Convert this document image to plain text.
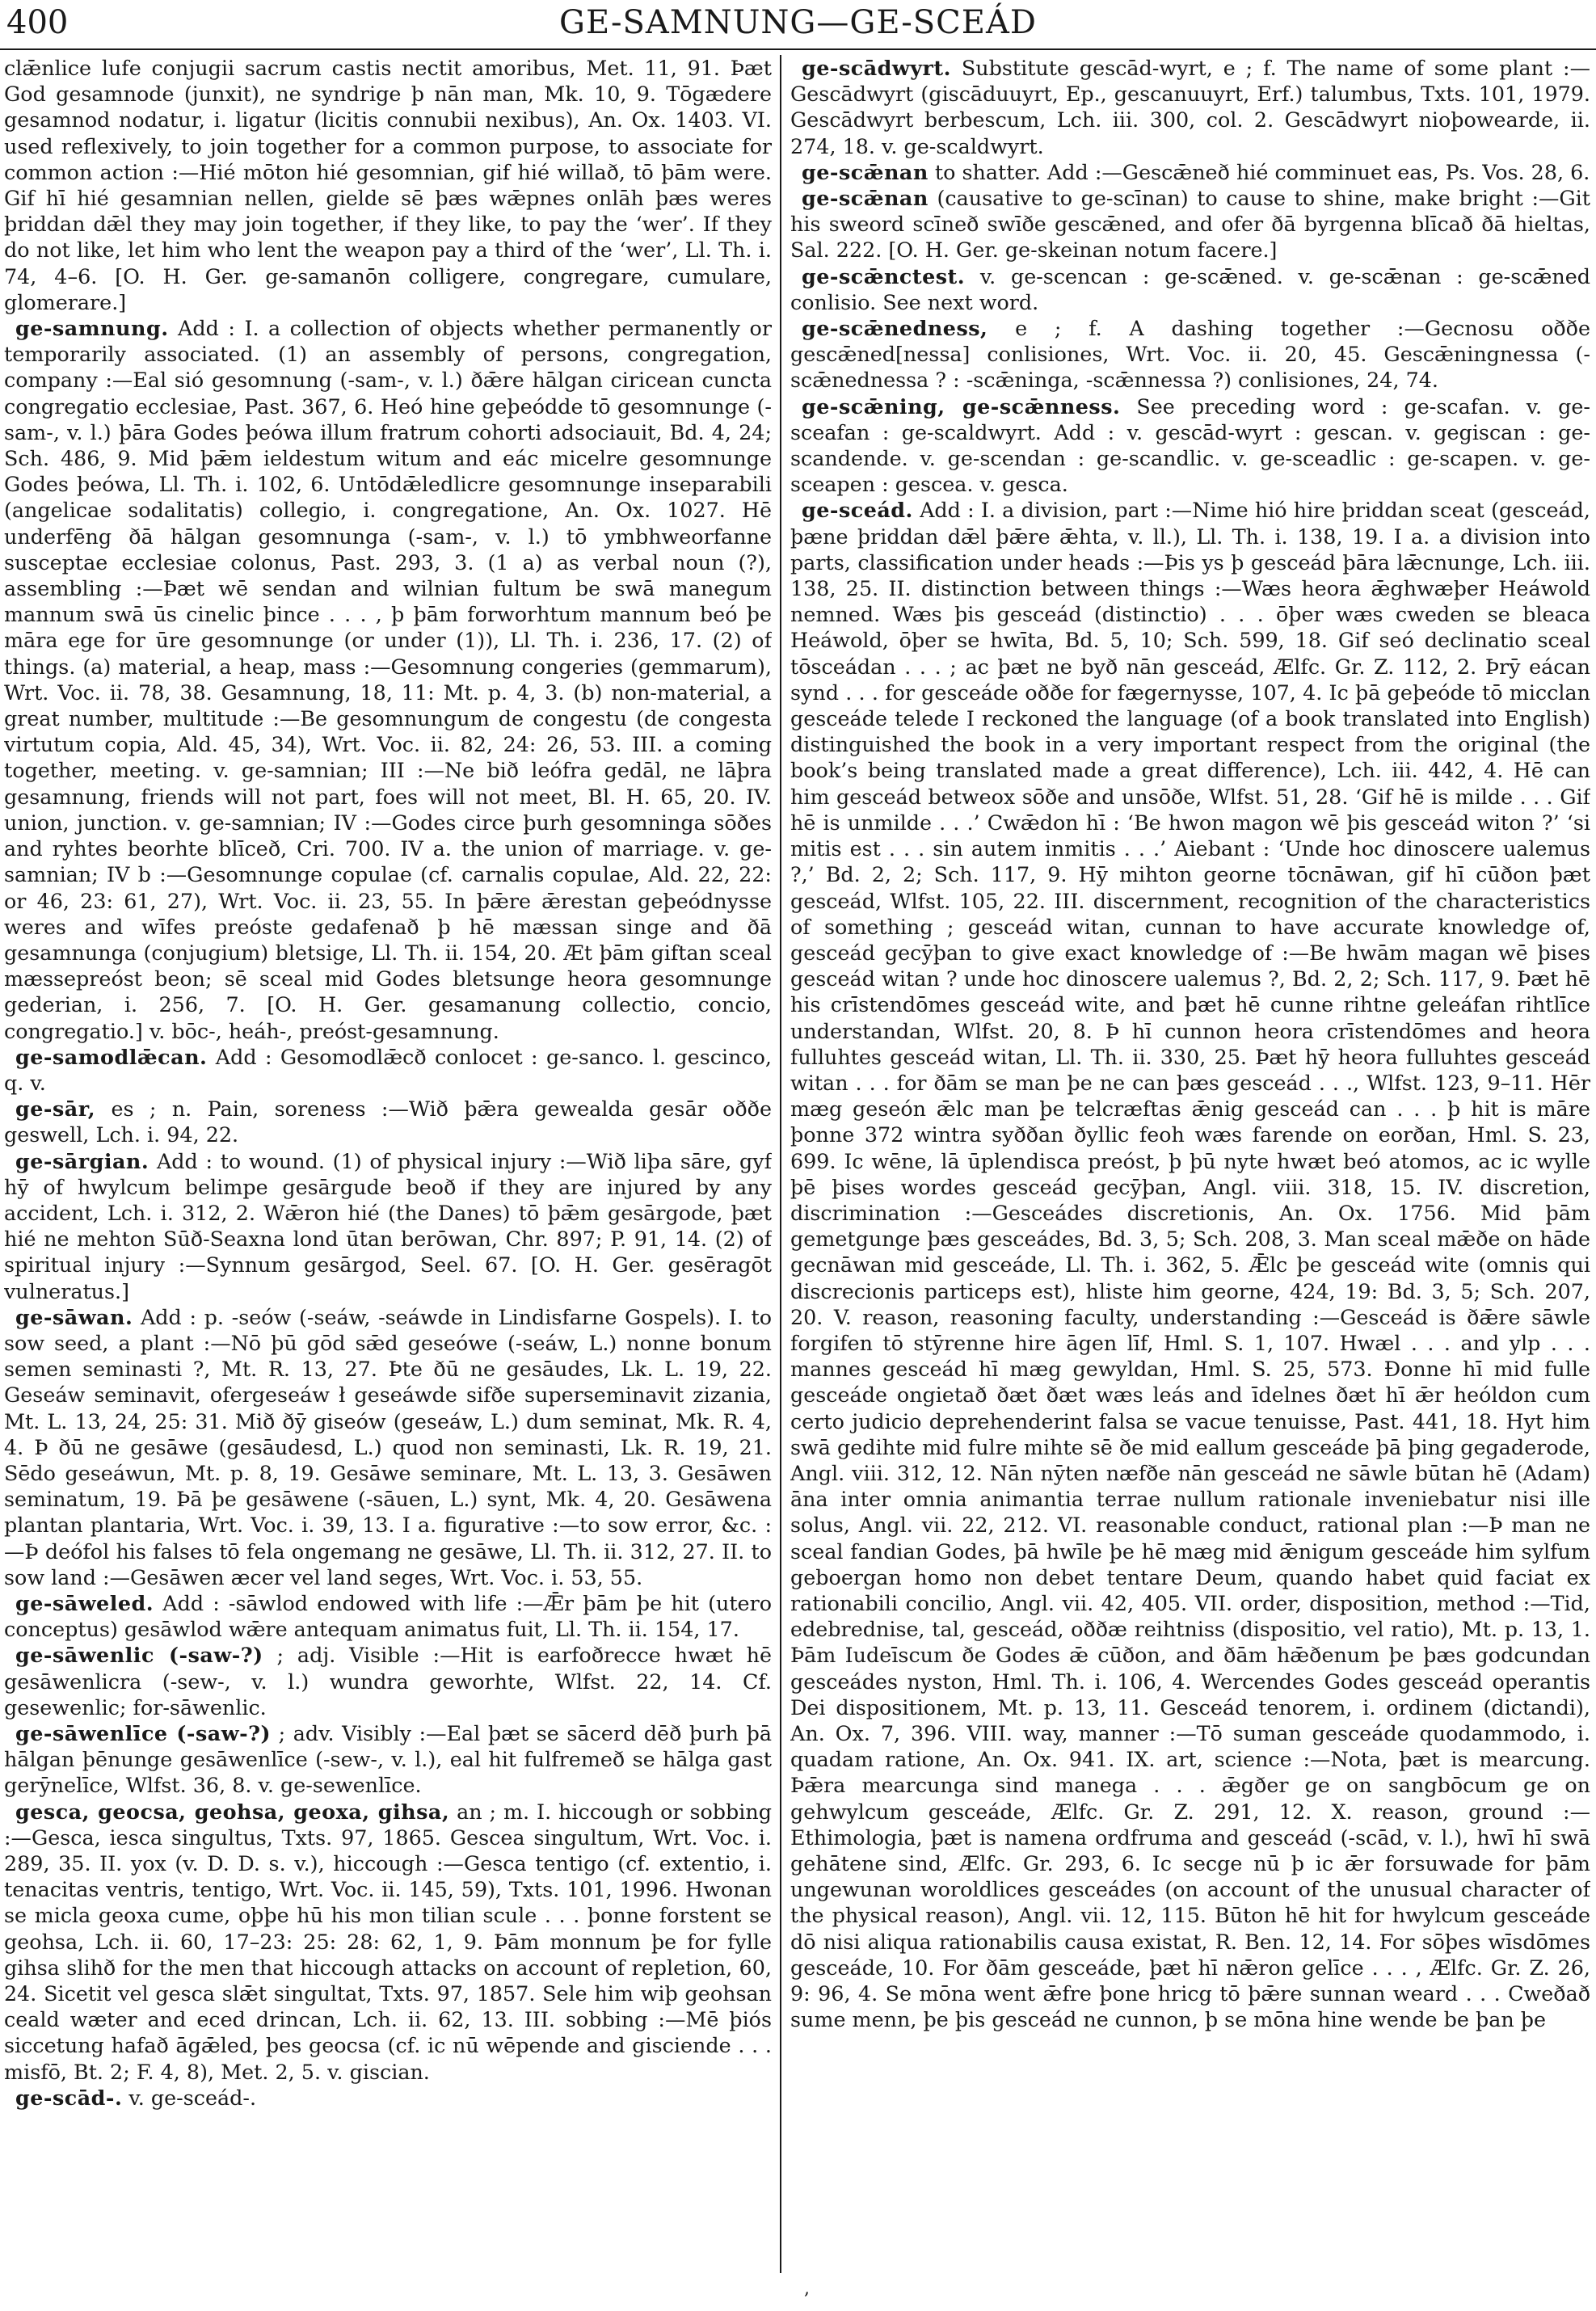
400	GE-SAMNUNG—GE-SCEÁD

clǣnlice lufe conjugii sacrum castis nectit amoribus, Met. 11, 91. Þæt God gesamnode (junxit), ne syndrige þ nān man, Mk. 10, 9. Tōgædere gesamnod nodatur, i. ligatur (licitis connubii nexibus), An. Ox. 1403. VI. used reflexively, to join together for a common purpose, to associate for common action :—Hié mōton hié gesomnian, gif hié willað, tō þām were. Gif hī hié gesamnian nellen, gielde sē þæs wǣpnes onlāh þæs weres þriddan dǣl they may join together, if they like, to pay the ‘wer’. If they do not like, let him who lent the weapon pay a third of the ‘wer’, Ll. Th. i. 74, 4–6. [O. H. Ger. ge-samanōn colligere, congregare, cumulare, glomerare.]

ge-samnung. Add : I. a collection of objects whether permanently or temporarily associated. (1) an assembly of persons, congregation, company :—Eal sió gesomnung (-sam-, v. l.) ðǣre hālgan ciricean cuncta congregatio ecclesiae, Past. 367, 6. Heó hine geþeódde tō gesomnunge (-sam-, v. l.) þāra Godes þeówa illum fratrum cohorti adsociauit, Bd. 4, 24; Sch. 486, 9. Mid þǣm ieldestum witum and eác micelre gesomnunge Godes þeówa, Ll. Th. i. 102, 6. Untōdǣledlicre gesomnunge inseparabili (angelicae sodalitatis) collegio, i. congregatione, An. Ox. 1027. Hē underfēng ðā hālgan gesomnunga (-sam-, v. l.) tō ymbhweorfanne susceptae ecclesiae colonus, Past. 293, 3. (1 a) as verbal noun (?), assembling :—Þæt wē sendan and wilnian fultum be swā manegum mannum swā ūs cinelic þince . . . , þ þām forworhtum mannum beó þe māra ege for ūre gesomnunge (or under (1)), Ll. Th. i. 236, 17. (2) of things. (a) material, a heap, mass :—Gesomnung congeries (gemmarum), Wrt. Voc. ii. 78, 38. Gesamnung, 18, 11: Mt. p. 4, 3. (b) non-material, a great number, multitude :—Be gesomnungum de congestu (de congesta virtutum copia, Ald. 45, 34), Wrt. Voc. ii. 82, 24: 26, 53. III. a coming together, meeting. v. ge-samnian; III :—Ne bið leófra gedāl, ne lāþra gesamnung, friends will not part, foes will not meet, Bl. H. 65, 20. IV. union, junction. v. ge-samnian; IV :—Godes circe þurh gesomninga sōðes and ryhtes beorhte blīceð, Cri. 700. IV a. the union of marriage. v. ge-samnian; IV b :—Gesomnunge copulae (cf. carnalis copulae, Ald. 22, 22: or 46, 23: 61, 27), Wrt. Voc. ii. 23, 55. In þǣre ǣrestan geþeódnysse weres and wīfes preóste gedafenað þ hē mæssan singe and ðā gesamnunga (conjugium) bletsige, Ll. Th. ii. 154, 20. Æt þām giftan sceal mæssepreóst beon; sē sceal mid Godes bletsunge heora gesomnunge gederian, i. 256, 7. [O. H. Ger. gesamanung collectio, concio, congregatio.] v. bōc-, heáh-, preóst-gesamnung.

ge-samodlǣcan. Add : Gesomodlǣcð conlocet : ge-sanco. l. gescinco, q. v.

ge-sār, es ; n. Pain, soreness :—Wið þǣra gewealda gesār oððe geswell, Lch. i. 94, 22.

ge-sārgian. Add : to wound. (1) of physical injury :—Wið liþa sāre, gyf hȳ of hwylcum belimpe gesārgude beoð if they are injured by any accident, Lch. i. 312, 2. Wǣron hié (the Danes) tō þǣm gesārgode, þæt hié ne mehton Sūð-Seaxna lond ūtan berōwan, Chr. 897; P. 91, 14. (2) of spiritual injury :—Synnum gesārgod, Seel. 67. [O. H. Ger. gesēragōt vulneratus.]

ge-sāwan. Add : p. -seów (-seáw, -seáwde in Lindisfarne Gospels). I. to sow seed, a plant :—Nō þū gōd sǣd geseówe (-seáw, L.) nonne bonum semen seminasti ?, Mt. R. 13, 27. Þte ðū ne gesāudes, Lk. L. 19, 22. Geseáw seminavit, ofergeseáw ł geseáwde sifðe superseminavit zizania, Mt. L. 13, 24, 25: 31. Mið ðȳ giseów (geseáw, L.) dum seminat, Mk. R. 4, 4. Þ ðū ne gesāwe (gesāudesd, L.) quod non seminasti, Lk. R. 19, 21. Sēdo geseáwun, Mt. p. 8, 19. Gesāwe seminare, Mt. L. 13, 3. Gesāwen seminatum, 19. Þā þe gesāwene (-sāuen, L.) synt, Mk. 4, 20. Gesāwena plantan plantaria, Wrt. Voc. i. 39, 13. I a. figurative :—to sow error, &c. :—Þ deófol his falses tō fela ongemang ne gesāwe, Ll. Th. ii. 312, 27. II. to sow land :—Gesāwen æcer vel land seges, Wrt. Voc. i. 53, 55.

ge-sāweled. Add : -sāwlod endowed with life :—Ǣr þām þe hit (utero conceptus) gesāwlod wǣre antequam animatus fuit, Ll. Th. ii. 154, 17.

ge-sāwenlic (-saw-?) ; adj. Visible :—Hit is earfoðrecce hwæt hē gesāwenlicra (-sew-, v. l.) wundra geworhte, Wlfst. 22, 14. Cf. gesewenlic; for-sāwenlic.

ge-sāwenlīce (-saw-?) ; adv. Visibly :—Eal þæt se sācerd dēð þurh þā hālgan þēnunge gesāwenlīce (-sew-, v. l.), eal hit fulfremeð se hālga gast gerȳnelīce, Wlfst. 36, 8. v. ge-sewenlīce.

gesca, geocsa, geohsa, geoxa, gihsa, an ; m. I. hiccough or sobbing :—Gesca, iesca singultus, Txts. 97, 1865. Gescea singultum, Wrt. Voc. i. 289, 35. II. yox (v. D. D. s. v.), hiccough :—Gesca tentigo (cf. extentio, i. tenacitas ventris, tentigo, Wrt. Voc. ii. 145, 59), Txts. 101, 1996. Hwonan se micla geoxa cume, oþþe hū his mon tilian scule . . . þonne forstent se geohsa, Lch. ii. 60, 17–23: 25: 28: 62, 1, 9. Þām monnum þe for fylle gihsa slihð for the men that hiccough attacks on account of repletion, 60, 24. Sicetit vel gesca slǣt singultat, Txts. 97, 1857. Sele him wiþ geohsan ceald wæter and eced drincan, Lch. ii. 62, 13. III. sobbing :—Mē þiós siccetung hafað āgǣled, þes geocsa (cf. ic nū wēpende and gisciende . . . misfō, Bt. 2; F. 4, 8), Met. 2, 5. v. giscian.

ge-scād-. v. ge-sceád-.

ge-scādwyrt. Substitute gescād-wyrt, e ; f. The name of some plant :—Gescādwyrt (giscāduuyrt, Ep., gescanuuyrt, Erf.) talumbus, Txts. 101, 1979. Gescādwyrt berbescum, Lch. iii. 300, col. 2. Gescādwyrt nioþowearde, ii. 274, 18. v. ge-scaldwyrt.

ge-scǣnan to shatter. Add :—Gescǣneð hié comminuet eas, Ps. Vos. 28, 6.

ge-scǣnan (causative to ge-scīnan) to cause to shine, make bright :—Git his sweord scīneð swīðe gescǣned, and ofer ðā byrgenna blīcað ðā hieltas, Sal. 222. [O. H. Ger. ge-skeinan notum facere.]

ge-scǣnctest. v. ge-scencan : ge-scǣned. v. ge-scǣnan : ge-scǣned conlisio. See next word.

ge-scǣnedness, e ; f. A dashing together :—Gecnosu oððe gescǣned[nessa] conlisiones, Wrt. Voc. ii. 20, 45. Gescǣningnessa (-scǣnednessa ? : -scǣninga, -scǣnnessa ?) conlisiones, 24, 74.

ge-scǣning, ge-scǣnness. See preceding word : ge-scafan. v. ge-sceafan : ge-scaldwyrt. Add : v. gescād-wyrt : gescan. v. gegiscan : ge-scandende. v. ge-scendan : ge-scandlic. v. ge-sceadlic : ge-scapen. v. ge-sceapen : gescea. v. gesca.

ge-sceád. Add : I. a division, part :—Nime hió hire þriddan sceat (gesceád, þæne þriddan dǣl þǣre ǣhta, v. ll.), Ll. Th. i. 138, 19. I a. a division into parts, classification under heads :—Þis ys þ gesceád þāra lǣcnunge, Lch. iii. 138, 25. II. distinction between things :—Wæs heora ǣghwæþer Heáwold nemned. Wæs þis gesceád (distinctio) . . . ōþer wæs cweden se bleaca Heáwold, ōþer se hwīta, Bd. 5, 10; Sch. 599, 18. Gif seó declinatio sceal tōsceádan . . . ; ac þæt ne byð nān gesceád, Ælfc. Gr. Z. 112, 2. Þrȳ eácan synd . . . for gesceáde oððe for fægernysse, 107, 4. Ic þā geþeóde tō micclan gesceáde telede I reckoned the language (of a book translated into English) distinguished the book in a very important respect from the original (the book’s being translated made a great difference), Lch. iii. 442, 4. Hē can him gesceád betweox sōðe and unsōðe, Wlfst. 51, 28. ‘Gif hē is milde . . . Gif hē is unmilde . . .’ Cwǣdon hī : ‘Be hwon magon wē þis gesceád witon ?’ ‘si mitis est . . . sin autem inmitis . . .’ Aiebant : ‘Unde hoc dinoscere ualemus ?,’ Bd. 2, 2; Sch. 117, 9. Hȳ mihton georne tōcnāwan, gif hī cūðon þæt gesceád, Wlfst. 105, 22. III. discernment, recognition of the characteristics of something ; gesceád witan, cunnan to have accurate knowledge of, gesceád gecȳþan to give exact knowledge of :—Be hwām magan wē þises gesceád witan ? unde hoc dinoscere ualemus ?, Bd. 2, 2; Sch. 117, 9. Þæt hē his crīstendōmes gesceád wite, and þæt hē cunne rihtne geleáfan rihtlīce understandan, Wlfst. 20, 8. Þ hī cunnon heora crīstendōmes and heora fulluhtes gesceád witan, Ll. Th. ii. 330, 25. Þæt hȳ heora fulluhtes gesceád witan . . . for ðām se man þe ne can þæs gesceád . . ., Wlfst. 123, 9–11. Hēr mæg geseón ǣlc man þe telcræftas ǣnig gesceád can . . . þ hit is māre þonne 372 wintra syððan ðyllic feoh wæs farende on eorðan, Hml. S. 23, 699. Ic wēne, lā ūplendisca preóst, þ þū nyte hwæt beó atomos, ac ic wylle þē þises wordes gesceád gecȳþan, Angl. viii. 318, 15. IV. discretion, discrimination :—Gesceádes discretionis, An. Ox. 1756. Mid þām gemetgunge þæs gesceádes, Bd. 3, 5; Sch. 208, 3. Man sceal mǣðe on hāde gecnāwan mid gesceáde, Ll. Th. i. 362, 5. Ǣlc þe gesceád wite (omnis qui discrecionis particeps est), hliste him georne, 424, 19: Bd. 3, 5; Sch. 207, 20. V. reason, reasoning faculty, understanding :—Gesceád is ðǣre sāwle forgifen tō stȳrenne hire āgen līf, Hml. S. 1, 107. Hwæl . . . and ylp . . . mannes gesceád hī mæg gewyldan, Hml. S. 25, 573. Đonne hī mid fulle gesceáde ongietað ðæt ðæt wæs leás and īdelnes ðæt hī ǣr heóldon cum certo judicio deprehenderint falsa se vacue tenuisse, Past. 441, 18. Hyt him swā gedihte mid fulre mihte sē ðe mid eallum gesceáde þā þing gegaderode, Angl. viii. 312, 12. Nān nȳten næfðe nān gesceád ne sāwle būtan hē (Adam) āna inter omnia animantia terrae nullum rationale inveniebatur nisi ille solus, Angl. vii. 22, 212. VI. reasonable conduct, rational plan :—Þ man ne sceal fandian Godes, þā hwīle þe hē mæg mid ǣnigum gesceáde him sylfum geboergan homo non debet tentare Deum, quando habet quid faciat ex rationabili concilio, Angl. vii. 42, 405. VII. order, disposition, method :—Tid, edebrednise, tal, gesceád, oððæ reihtniss (dispositio, vel ratio), Mt. p. 13, 1. Þām Iudeīscum ðe Godes ǣ cūðon, and ðām hǣðenum þe þæs godcundan gesceádes nyston, Hml. Th. i. 106, 4. Wercendes Godes gesceád operantis Dei dispositionem, Mt. p. 13, 11. Gesceád tenorem, i. ordinem (dictandi), An. Ox. 7, 396. VIII. way, manner :—Tō suman gesceáde quodammodo, i. quadam ratione, An. Ox. 941. IX. art, science :—Nota, þæt is mearcung. Þǣra mearcunga sind manega . . . ǣgðer ge on sangbōcum ge on gehwylcum gesceáde, Ælfc. Gr. Z. 291, 12. X. reason, ground :—Ethimologia, þæt is namena ordfruma and gesceád (-scād, v. l.), hwī hī swā gehātene sind, Ælfc. Gr. 293, 6. Ic secge nū þ ic ǣr forsuwade for þām ungewunan woroldlices gesceádes (on account of the unusual character of the physical reason), Angl. vii. 12, 115. Būton hē hit for hwylcum gesceáde dō nisi aliqua rationabilis causa existat, R. Ben. 12, 14. For sōþes wīsdōmes gesceáde, 10. For ðām gesceáde, þæt hī nǣron gelīce . . . , Ælfc. Gr. Z. 26, 9: 96, 4. Se mōna went ǣfre þone hricg tō þǣre sunnan weard . . . Cweðað sume menn, þe þis gesceád ne cunnon, þ se mōna hine wende be þan þe

,
